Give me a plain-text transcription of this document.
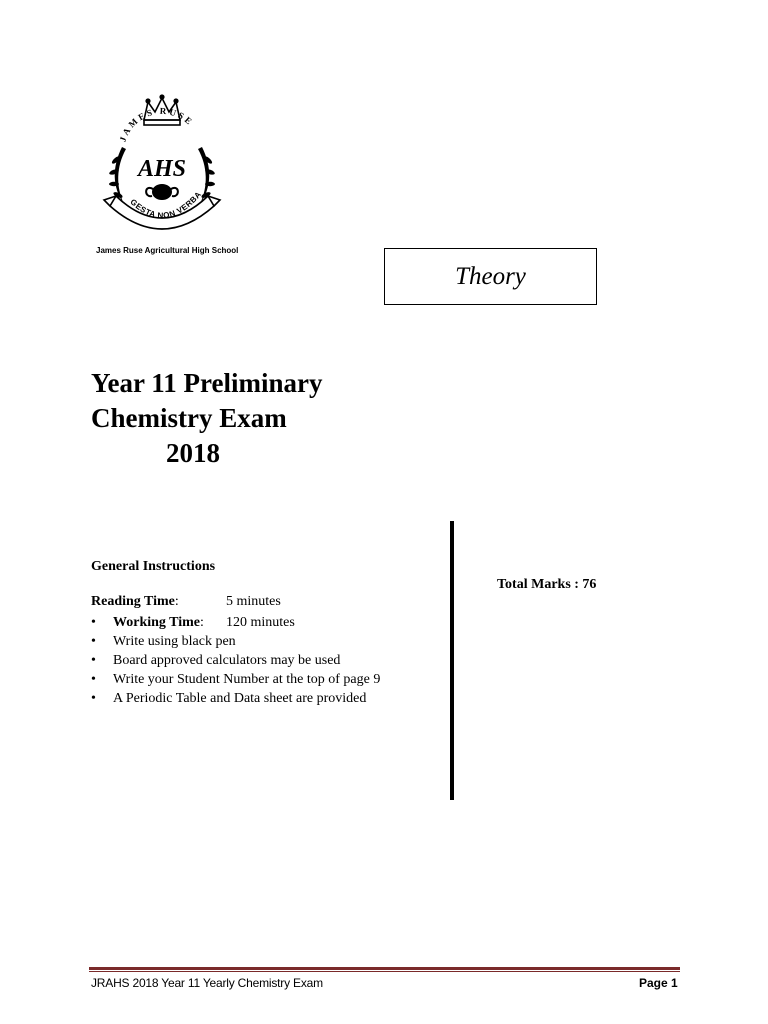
JAMES RUSE
AHS
GESTA NON VERBA
James Ruse Agricultural High School
Theory
Year 11 Preliminary
Chemistry Exam
2018
General Instructions
Reading Time:	5 minutes
• Working Time: 120 minutes
• Write using black pen
• Board approved calculators may be used
• Write your Student Number at the top of page 9
• A Periodic Table and Data sheet are provided
Total Marks : 76
JRAHS 2018 Year 11 Yearly Chemistry Exam	Page 1
